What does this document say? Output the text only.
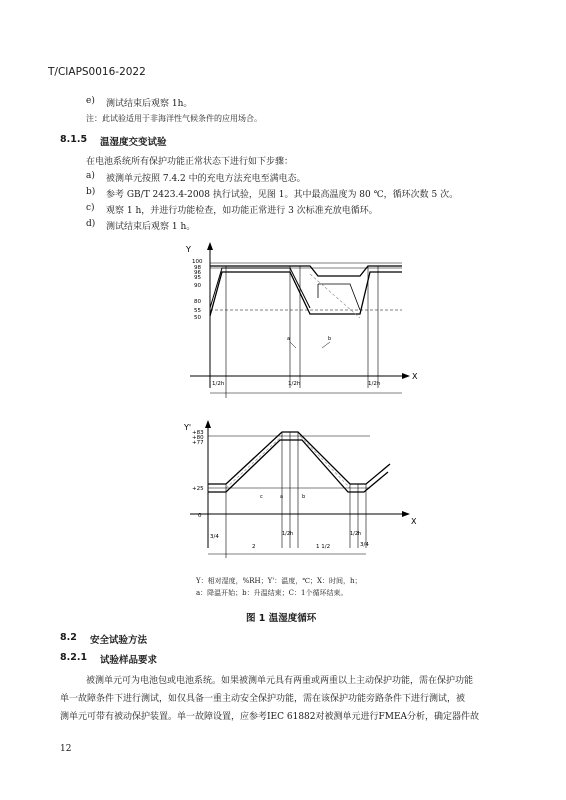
T/CIAPS0016-2022
e) 测试结束后观察 1h。
注：此试验适用于非海洋性气候条件的应用场合。
8.1.5 温湿度交变试验
在电池系统所有保护功能正常状态下进行如下步骤：
a) 被测单元按照 7.4.2 中的充电方法充电至满电态。
b) 参考 GB/T 2423.4-2008 执行试验，见图 1。其中最高温度为 80 ℃，循环次数 5 次。
c) 观察 1 h，并进行功能检查，如功能正常进行 3 次标准充放电循环。
d) 测试结束后观察 1 h。
Y
X
100
98
96
95
90
80
55
50
1/2h	1/2h	1/2h
a	b
Y'
X
+83
+80
+77
+25
0
3/4
2
1/2h
1 1/2
1/2h
3/4
a	b
c
Y：相对湿度，%RH；Y'：温度，℃；X：时间，h；
a：降温开始；b：升温结束；C：1个循环结束。
图 1 温湿度循环
8.2 安全试验方法
8.2.1 试验样品要求
被测单元可为电池包或电池系统。如果被测单元具有两重或两重以上主动保护功能，需在保护功能
单一故障条件下进行测试，如仅具备一重主动安全保护功能，需在该保护功能旁路条件下进行测试，被
测单元可带有被动保护装置。单一故障设置，应参考IEC 61882对被测单元进行FMEA分析，确定器件故
12
